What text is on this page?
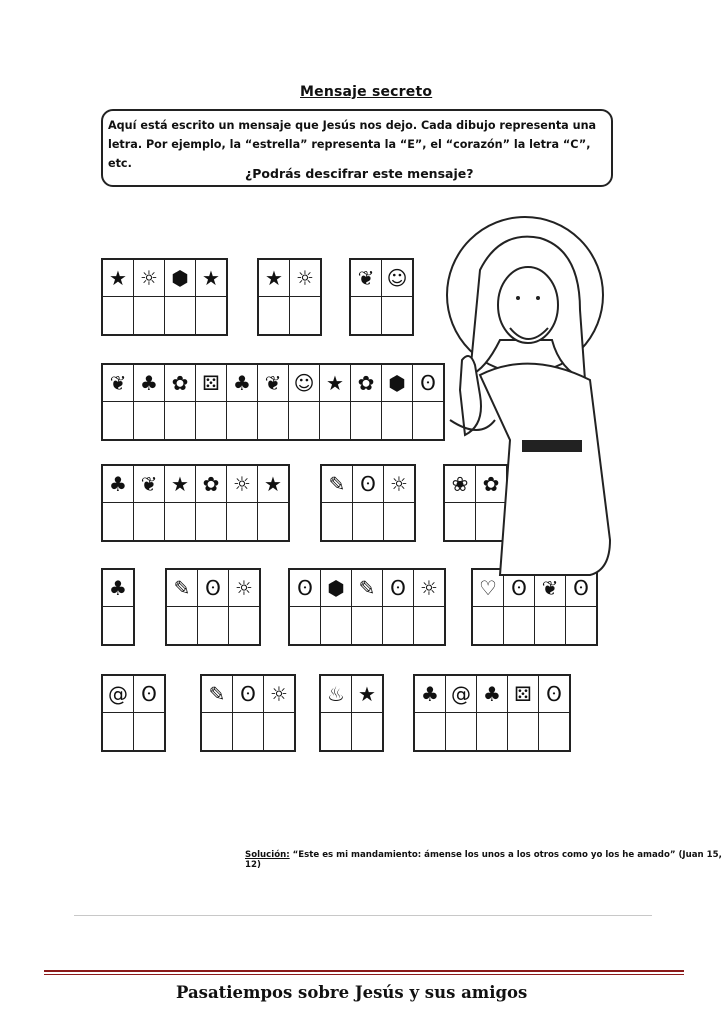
Mensaje secreto
Aquí está escrito un mensaje que Jesús nos dejo. Cada dibujo representa una letra. Por ejemplo, la “estrella” representa la “E”, el “corazón” la letra “C”, etc.
¿Podrás descifrar este mensaje?
★ ☼ ⬢ ★	★ ☼	❦ ☺
❦ ♣ ✿ ⚄ ♣ ❦ ☺ ★ ✿ ⬢ ʘ
♣ ❦ ★ ✿ ☼ ★	✎ ʘ ☼	❀ ✿
♣	✎ ʘ ☼	ʘ ⬢ ✎ ʘ ☼	♡ ʘ ❦ ʘ
@ ʘ	✎ ʘ ☼	♨ ★	♣ @ ♣ ⚄ ʘ
Solución: “Este es mi mandamiento: ámense los unos a los otros como yo los he amado” (Juan 15, 12)
Pasatiempos sobre Jesús y sus amigos
